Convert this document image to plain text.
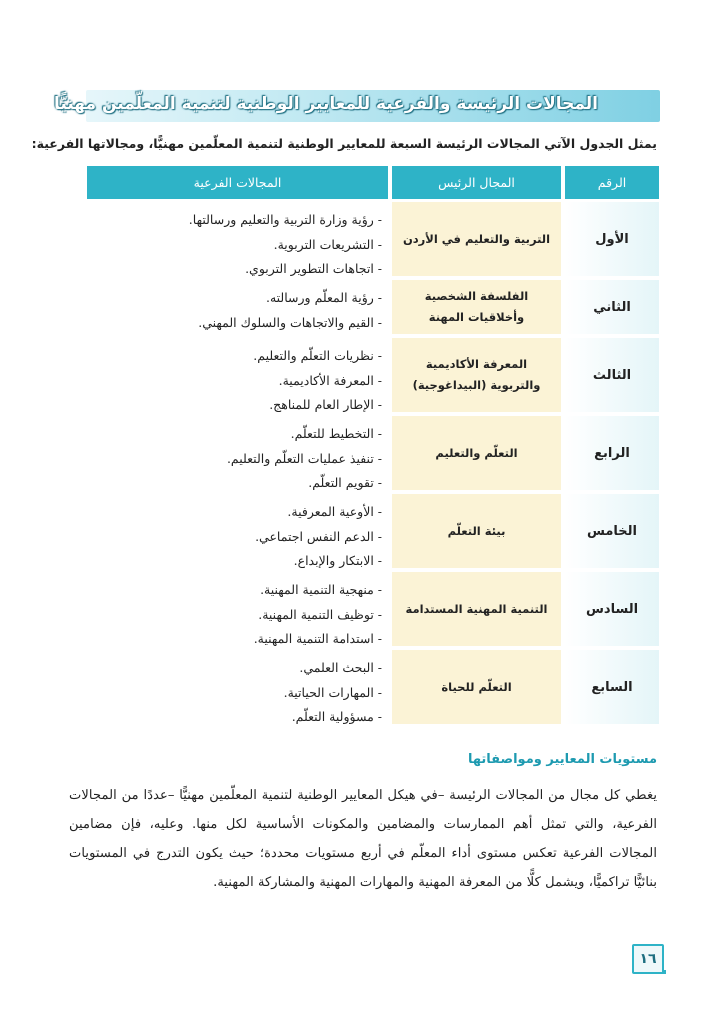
المجالات الرئيسة والفرعية للمعايير الوطنية لتنمية المعلّمين مهنيًّا
يمثل الجدول الآتي المجالات الرئيسة السبعة للمعايير الوطنية لتنمية المعلّمين مهنيًّا، ومجالاتها الفرعية:
الرقم
المجال الرئيس
المجالات الفرعية
الأول
التربية والتعليم في الأردن
- رؤية وزارة التربية والتعليم ورسالتها.
- التشريعات التربوية.
- اتجاهات التطوير التربوي.
الثاني
الفلسفة الشخصية وأخلاقيات المهنة
- رؤية المعلّم ورسالته.
- القيم والاتجاهات والسلوك المهني.
الثالث
المعرفة الأكاديمية والتربوية (البيداغوجية)
- نظريات التعلّم والتعليم.
- المعرفة الأكاديمية.
- الإطار العام للمناهج.
الرابع
التعلّم والتعليم
- التخطيط للتعلّم.
- تنفيذ عمليات التعلّم والتعليم.
- تقويم التعلّم.
الخامس
بيئة التعلّم
- الأوعية المعرفية.
- الدعم النفس اجتماعي.
- الابتكار والإبداع.
السادس
التنمية المهنية المستدامة
- منهجية التنمية المهنية.
- توظيف التنمية المهنية.
- استدامة التنمية المهنية.
السابع
التعلّم للحياة
- البحث العلمي.
- المهارات الحياتية.
- مسؤولية التعلّم.
مستويات المعايير ومواصفاتها
يغطي كل مجال من المجالات الرئيسة –في هيكل المعايير الوطنية لتنمية المعلّمين مهنيًّا –عددًا من المجالات الفرعية، والتي تمثل أهم الممارسات والمضامين والمكونات الأساسية لكل منها. وعليه، فإن مضامين المجالات الفرعية تعكس مستوى أداء المعلّم في أربع مستويات محددة؛ حيث يكون التدرج في المستويات بنائيًّا تراكميًّا، ويشمل كلًّا من المعرفة المهنية والمهارات المهنية والمشاركة المهنية.
١٦
